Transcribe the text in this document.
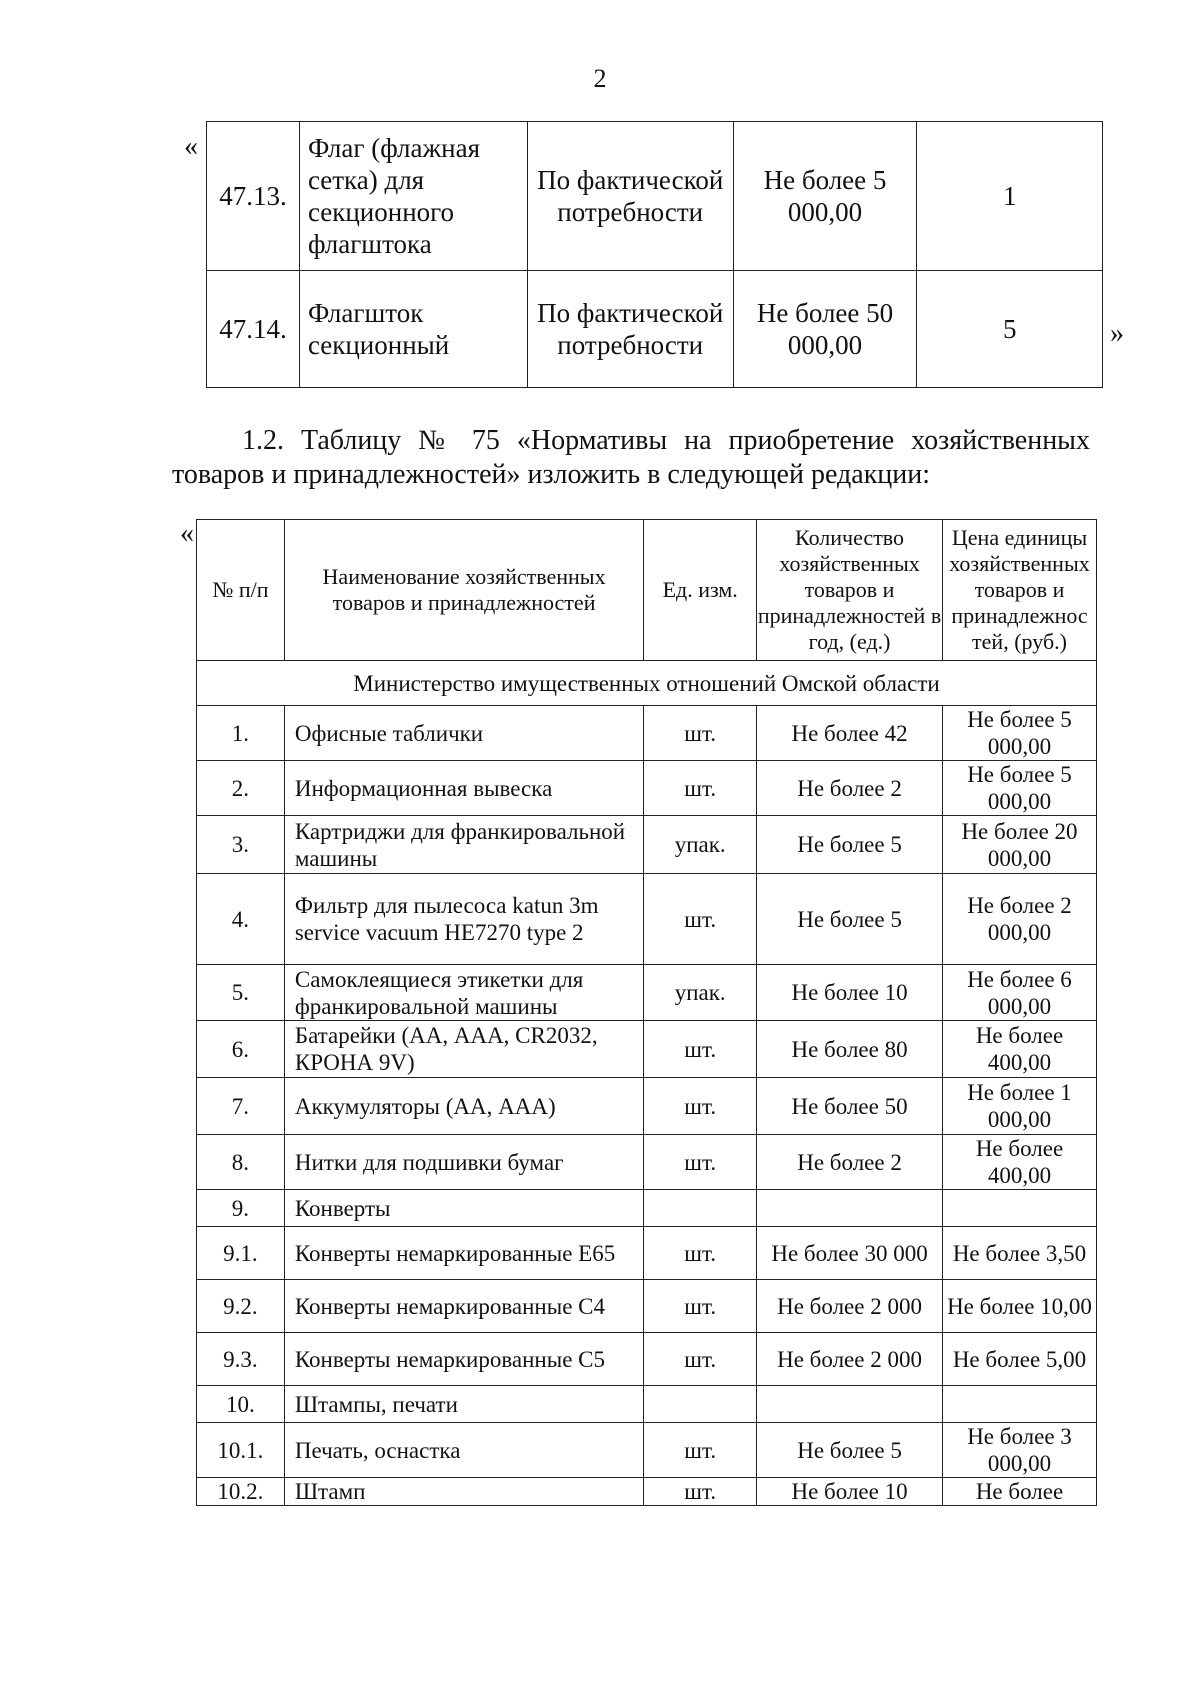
2
«
»
47.13.	Флаг (флажная сетка) для секционного флагштока	По фактической потребности	Не более 5 000,00	1
47.14.	Флагшток секционный	По фактической потребности	Не более 50 000,00	5
1.2. Таблицу № 75 «Нормативы на приобретение хозяйственных
товаров и принадлежностей» изложить в следующей редакции:
«
№ п/п	Наименование хозяйственных товаров и принадлежностей	Ед. изм.	Количество хозяйственных товаров и принадлежностей в год, (ед.)	Цена единицы хозяйственных товаров и принадлежнос тей, (руб.)
Министерство имущественных отношений Омской области				
1.	Офисные таблички	шт.	Не более 42	Не более 5 000,00
2.	Информационная вывеска	шт.	Не более 2	Не более 5 000,00
3.	Картриджи для франкировальной машины	упак.	Не более 5	Не более 20 000,00
4.	Фильтр для пылесоса katun 3m service vacuum HE7270 type 2	шт.	Не более 5	Не более 2 000,00
5.	Самоклеящиеся этикетки для франкировальной машины	упак.	Не более 10	Не более 6 000,00
6.	Батарейки (АА, ААА, CR2032, КРОНА 9V)	шт.	Не более 80	Не более 400,00
7.	Аккумуляторы (АА, ААА)	шт.	Не более 50	Не более 1 000,00
8.	Нитки для подшивки бумаг	шт.	Не более 2	Не более 400,00
9.	Конверты			
9.1.	Конверты немаркированные E65	шт.	Не более 30 000	Не более 3,50
9.2.	Конверты немаркированные С4	шт.	Не более 2 000	Не более 10,00
9.3.	Конверты немаркированные С5	шт.	Не более 2 000	Не более 5,00
10.	Штампы, печати			
10.1.	Печать, оснастка	шт.	Не более 5	Не более 3 000,00
10.2.	Штамп	шт.	Не более 10	Не более
